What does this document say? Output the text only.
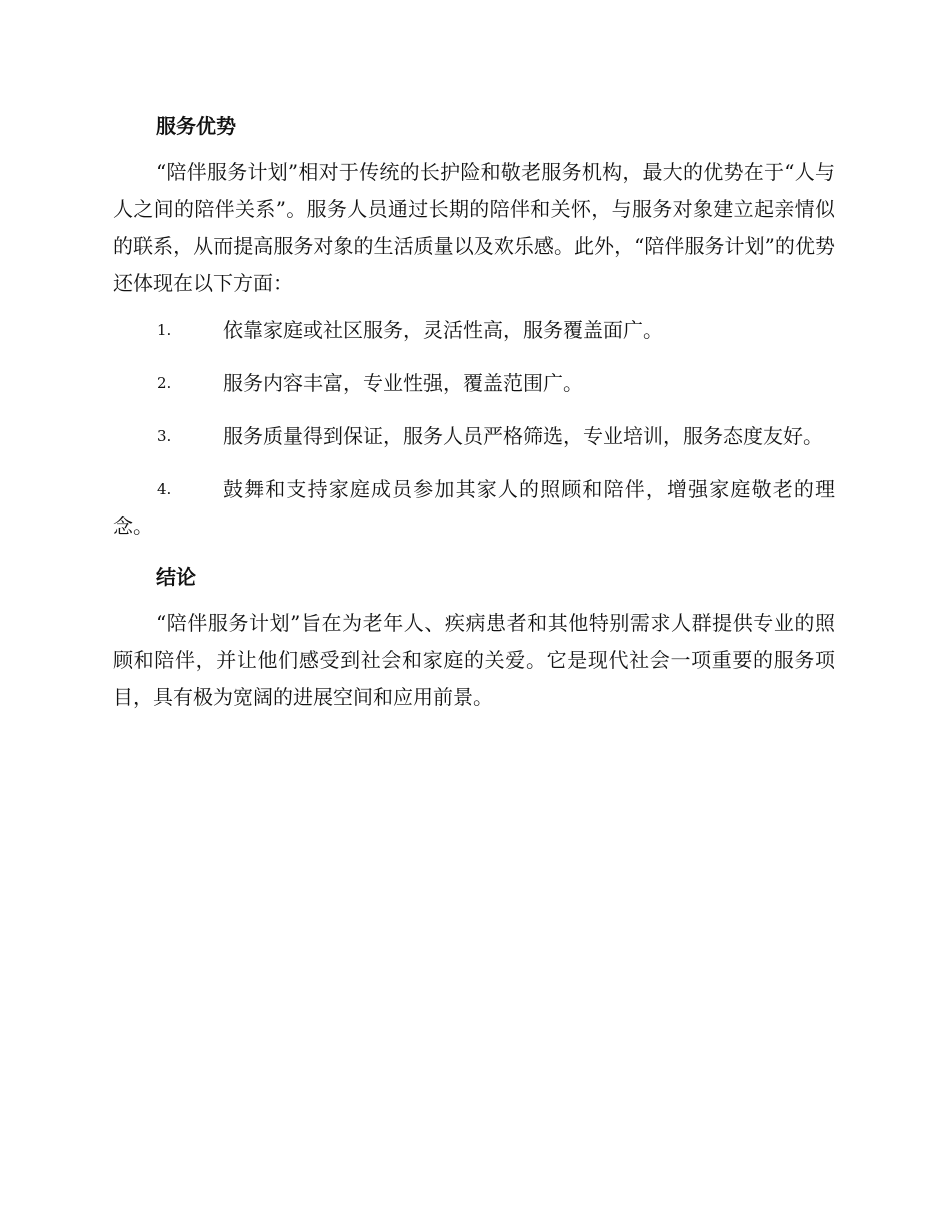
服务优势

“陪伴服务计划”相对于传统的长护险和敬老服务机构，最大的优势在于“人与人之间的陪伴关系”。服务人员通过长期的陪伴和关怀，与服务对象建立起亲情似的联系，从而提高服务对象的生活质量以及欢乐感。此外，“陪伴服务计划”的优势还体现在以下方面：

1.	依靠家庭或社区服务，灵活性高，服务覆盖面广。
2.	服务内容丰富，专业性强，覆盖范围广。
3.	服务质量得到保证，服务人员严格筛选，专业培训，服务态度友好。
4.	鼓舞和支持家庭成员参加其家人的照顾和陪伴，增强家庭敬老的理念。
结论

“陪伴服务计划”旨在为老年人、疾病患者和其他特别需求人群提供专业的照顾和陪伴，并让他们感受到社会和家庭的关爱。它是现代社会一项重要的服务项目，具有极为宽阔的进展空间和应用前景。
